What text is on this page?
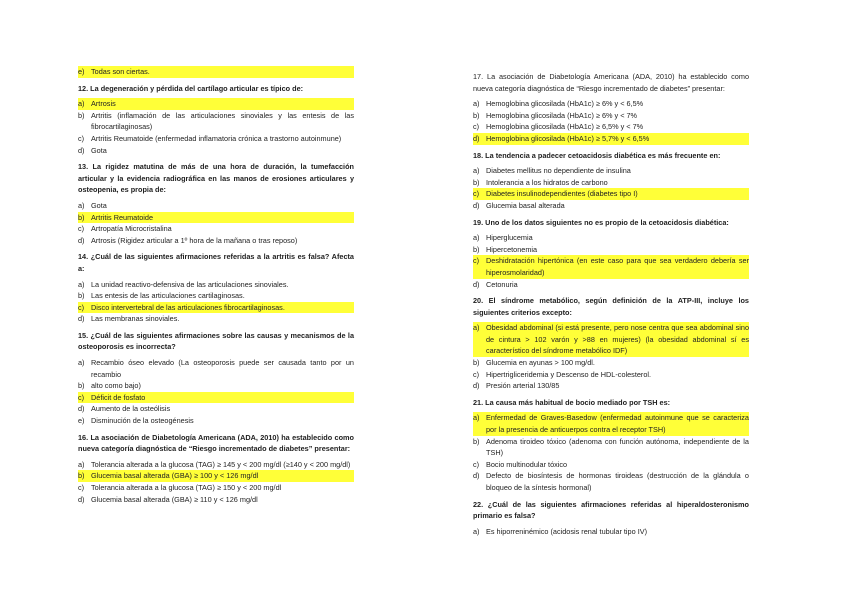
e) Todas son ciertas.
12. La degeneración y pérdida del cartílago articular es típico de:
a) Artrosis
b) Artritis (inflamación de las articulaciones sinoviales y las entesis de las fibrocartilaginosas)
c) Artritis Reumatoide (enfermedad inflamatoria crónica a trastorno autoinmune)
d) Gota
13. La rigidez matutina de más de una hora de duración, la tumefacción articular y la evidencia radiográfica en las manos de erosiones articulares y osteopenia, es propia de:
a) Gota
b) Artritis Reumatoide
c) Artropatía Microcristalina
d) Artrosis (Rigidez articular a 1º hora de la mañana o tras reposo)
14. ¿Cuál de las siguientes afirmaciones referidas a la artritis es falsa? Afecta a:
a) La unidad reactivo-defensiva de las articulaciones sinoviales.
b) Las entesis de las articulaciones cartilaginosas.
c) Disco intervertebral de las articulaciones fibrocartilaginosas.
d) Las membranas sinoviales.
15. ¿Cuál de las siguientes afirmaciones sobre las causas y mecanismos de la osteoporosis es incorrecta?
a) Recambio óseo elevado (La osteoporosis puede ser causada tanto por un recambio
b) alto como bajo)
c) Déficit de fosfato
d) Aumento de la osteólisis
e) Disminución de la osteogénesis
16. La asociación de Diabetología Americana (ADA, 2010) ha establecido como nueva categoría diagnóstica de “Riesgo incrementado de diabetes” presentar:
a) Tolerancia alterada a la glucosa (TAG) ≥ 145 y < 200 mg/dl (≥140 y < 200 mg/dl)
b) Glucemia basal alterada (GBA) ≥ 100 y < 126 mg/dl
c) Tolerancia alterada a la glucosa (TAG) ≥ 150 y < 200 mg/dl
d) Glucemia basal alterada (GBA) ≥ 110 y < 126 mg/dl
17. La asociación de Diabetología Americana (ADA, 2010) ha establecido como nueva categoría diagnóstica de “Riesgo incrementado de diabetes” presentar:
a) Hemoglobina glicosilada (HbA1c) ≥ 6% y < 6,5%
b) Hemoglobina glicosilada (HbA1c) ≥ 6% y < 7%
c) Hemoglobina glicosilada (HbA1c) ≥ 6,5% y < 7%
d) Hemoglobina glicosilada (HbA1c) ≥ 5,7% y < 6,5%
18. La tendencia a padecer cetoacidosis diabética es más frecuente en:
a) Diabetes mellitus no dependiente de insulina
b) Intolerancia a los hidratos de carbono
c) Diabetes insulinodependientes (diabetes tipo I)
d) Glucemia basal alterada
19. Uno de los datos siguientes no es propio de la cetoacidosis diabética:
a) Hiperglucemia
b) Hipercetonemia
c) Deshidratación hipertónica (en este caso para que sea verdadero debería ser hiperosmolaridad)
d) Cetonuria
20. El síndrome metabólico, según definición de la ATP-III, incluye los siguientes criterios excepto:
a) Obesidad abdominal (si está presente, pero nose centra que sea abdominal sino de cintura > 102 varón y >88 en mujeres) (la obesidad abdominal sí es característico del síndrome metabólico IDF)
b) Glucemia en ayunas > 100 mg/dl.
c) Hipertrigliceridemia y Descenso de HDL-colesterol.
d) Presión arterial 130/85
21. La causa más habitual de bocio mediado por TSH es:
a) Enfermedad de Graves-Basedow (enfermedad autoinmune que se caracteriza por la presencia de anticuerpos contra el receptor TSH)
b) Adenoma tiroideo tóxico (adenoma con función autónoma, independiente de la TSH)
c) Bocio multinodular tóxico
d) Defecto de biosíntesis de hormonas tiroideas (destrucción de la glándula o bloqueo de la síntesis hormonal)
22. ¿Cuál de las siguientes afirmaciones referidas al hiperaldosteronismo primario es falsa?
a) Es hiporreninémico (acidosis renal tubular tipo IV)
